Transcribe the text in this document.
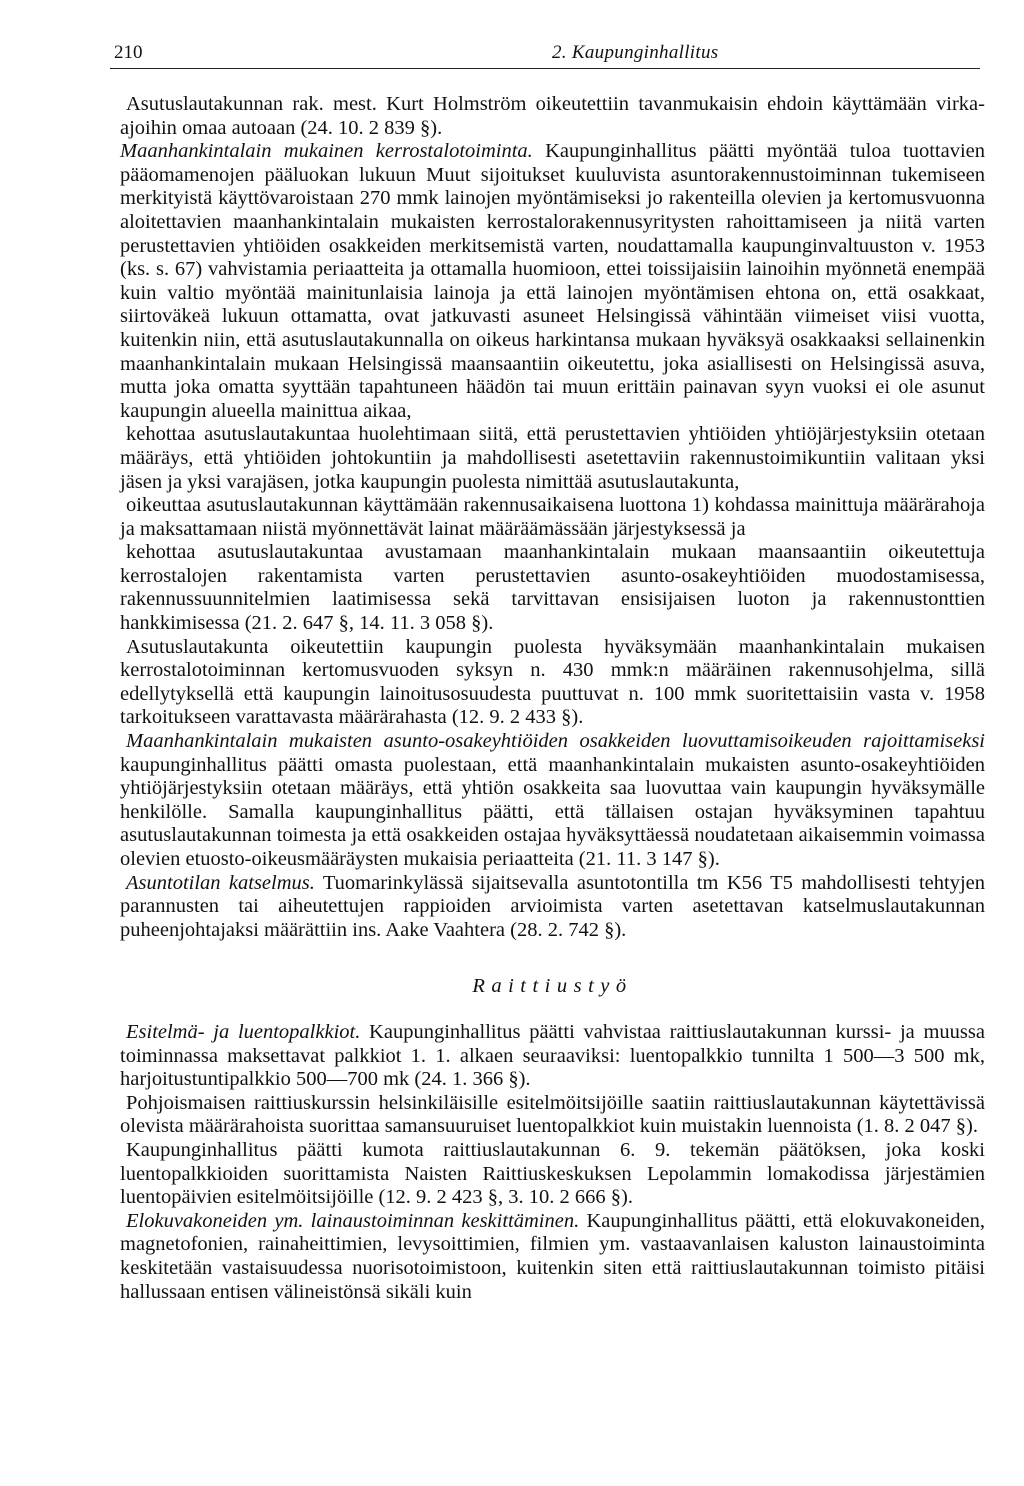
210	2. Kaupunginhallitus

Asutuslautakunnan rak. mest. Kurt Holmström oikeutettiin tavanmukaisin ehdoin käyttämään virka-ajoihin omaa autoaan (24. 10. 2 839 §).

Maanhankintalain mukainen kerrostalotoiminta. Kaupunginhallitus päätti myöntää tuloa tuottavien pääomamenojen pääluokan lukuun Muut sijoitukset kuuluvista asuntorakennustoiminnan tukemiseen merkityistä käyttövaroistaan 270 mmk lainojen myöntämiseksi jo rakenteilla olevien ja kertomusvuonna aloitettavien maanhankintalain mukaisten kerrostalorakennusyritysten rahoittamiseen ja niitä varten perustettavien yhtiöiden osakkeiden merkitsemistä varten, noudattamalla kaupunginvaltuuston v. 1953 (ks. s. 67) vahvistamia periaatteita ja ottamalla huomioon, ettei toissijaisiin lainoihin myönnetä enempää kuin valtio myöntää mainitunlaisia lainoja ja että lainojen myöntämisen ehtona on, että osakkaat, siirtoväkeä lukuun ottamatta, ovat jatkuvasti asuneet Helsingissä vähintään viimeiset viisi vuotta, kuitenkin niin, että asutuslautakunnalla on oikeus harkintansa mukaan hyväksyä osakkaaksi sellainenkin maanhankintalain mukaan Helsingissä maansaantiin oikeutettu, joka asiallisesti on Helsingissä asuva, mutta joka omatta syyttään tapahtuneen häädön tai muun erittäin painavan syyn vuoksi ei ole asunut kaupungin alueella mainittua aikaa,

kehottaa asutuslautakuntaa huolehtimaan siitä, että perustettavien yhtiöiden yhtiöjärjestyksiin otetaan määräys, että yhtiöiden johtokuntiin ja mahdollisesti asetettaviin rakennustoimikuntiin valitaan yksi jäsen ja yksi varajäsen, jotka kaupungin puolesta nimittää asutuslautakunta,

oikeuttaa asutuslautakunnan käyttämään rakennusaikaisena luottona 1) kohdassa mainittuja määrärahoja ja maksattamaan niistä myönnettävät lainat määräämässään järjestyksessä ja

kehottaa asutuslautakuntaa avustamaan maanhankintalain mukaan maansaantiin oikeutettuja kerrostalojen rakentamista varten perustettavien asunto-osakeyhtiöiden muodostamisessa, rakennussuunnitelmien laatimisessa sekä tarvittavan ensisijaisen luoton ja rakennustonttien hankkimisessa (21. 2. 647 §, 14. 11. 3 058 §).

Asutuslautakunta oikeutettiin kaupungin puolesta hyväksymään maanhankintalain mukaisen kerrostalotoiminnan kertomusvuoden syksyn n. 430 mmk:n määräinen rakennusohjelma, sillä edellytyksellä että kaupungin lainoitusosuudesta puuttuvat n. 100 mmk suoritettaisiin vasta v. 1958 tarkoitukseen varattavasta määrärahasta (12. 9. 2 433 §).

Maanhankintalain mukaisten asunto-osakeyhtiöiden osakkeiden luovuttamisoikeuden rajoittamiseksi kaupunginhallitus päätti omasta puolestaan, että maanhankintalain mukaisten asunto-osakeyhtiöiden yhtiöjärjestyksiin otetaan määräys, että yhtiön osakkeita saa luovuttaa vain kaupungin hyväksymälle henkilölle. Samalla kaupunginhallitus päätti, että tällaisen ostajan hyväksyminen tapahtuu asutuslautakunnan toimesta ja että osakkeiden ostajaa hyväksyttäessä noudatetaan aikaisemmin voimassa olevien etuosto-oikeusmääräysten mukaisia periaatteita (21. 11. 3 147 §).

Asuntotilan katselmus. Tuomarinkylässä sijaitsevalla asuntotontilla tm K56 T5 mahdollisesti tehtyjen parannusten tai aiheutettujen rappioiden arvioimista varten asetettavan katselmuslautakunnan puheenjohtajaksi määrättiin ins. Aake Vaahtera (28. 2. 742 §).

Raittiustyö

Esitelmä- ja luentopalkkiot. Kaupunginhallitus päätti vahvistaa raittiuslautakunnan kurssi- ja muussa toiminnassa maksettavat palkkiot 1. 1. alkaen seuraaviksi: luentopalkkio tunnilta 1 500—3 500 mk, harjoitustuntipalkkio 500—700 mk (24. 1. 366 §).

Pohjoismaisen raittiuskurssin helsinkiläisille esitelmöitsijöille saatiin raittiuslautakunnan käytettävissä olevista määrärahoista suorittaa samansuuruiset luentopalkkiot kuin muistakin luennoista (1. 8. 2 047 §).

Kaupunginhallitus päätti kumota raittiuslautakunnan 6. 9. tekemän päätöksen, joka koski luentopalkkioiden suorittamista Naisten Raittiuskeskuksen Lepolammin lomakodissa järjestämien luentopäivien esitelmöitsijöille (12. 9. 2 423 §, 3. 10. 2 666 §).

Elokuvakoneiden ym. lainaustoiminnan keskittäminen. Kaupunginhallitus päätti, että elokuvakoneiden, magnetofonien, rainaheittimien, levysoittimien, filmien ym. vastaavanlaisen kaluston lainaustoiminta keskitetään vastaisuudessa nuorisotoimistoon, kuitenkin siten että raittiuslautakunnan toimisto pitäisi hallussaan entisen välineistönsä sikäli kuin
